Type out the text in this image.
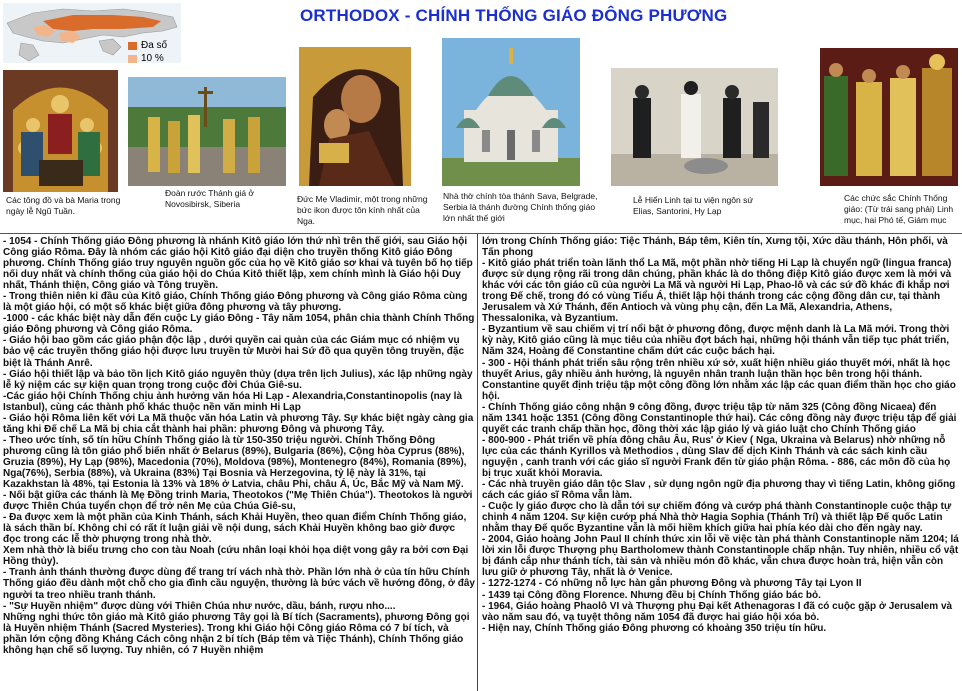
Đa số
10 %
ORTHODOX - CHÍNH THỐNG GIÁO ĐÔNG PHƯƠNG
Các tông đồ và bà Maria trong ngày lễ Ngũ Tuần.
Đoàn rước Thánh giá ở Novosibirsk, Siberia	Đức Mẹ Vladimir, một trong những bức ikon được tôn kính nhất của Nga.
Nhà thờ chính tòa thánh Sava, Belgrade, Serbia là thánh đường Chính thống giáo lớn nhất thế giới
Lễ Hiển Linh tại tu viện ngôn sứ Elias, Santorini, Hy Lạp
Các chức sắc Chính Thống giáo: (Từ trái sang phải) Linh mục, hai Phó tế, Giám mục

- 1054 - Chính Thống giáo Đông phương là nhánh Kitô giáo lớn thứ nhì trên thế giới, sau Giáo hội Công giáo Rôma. Đây là nhóm các giáo hội Kitô giáo đại diện cho truyền thống Kitô giáo Đông phương. Chính Thống giáo truy nguyên nguồn gốc của họ về Kitô giáo sơ khai và tuyên bố họ tiếp nối duy nhất và chính thống của giáo hội do Chúa Kitô thiết lập, xem chính mình là Giáo hội Duy nhất, Thánh thiện, Công giáo và Tông truyền.

- Trong thiên niên kỉ đầu của Kitô giáo, Chính Thống giáo Đông phương và Công giáo Rôma cùng là một giáo hội, có một số khác biệt giữa đông phương và tây phương.

-1000 - các khác biệt này dẫn đến cuộc Ly giáo Đông - Tây năm 1054, phân chia thành Chính Thống giáo Đông phương và Công giáo Rôma.

- Giáo hội bao gồm các giáo phận độc lập , dưới quyền cai quản của các Giám mục có nhiệm vụ bảo vệ các truyền thống giáo hội được lưu truyền từ Mười hai Sứ đồ qua quyền tông truyền, đặc biệt là Thánh Anrê.

- Giáo hội thiết lập và bảo tồn lịch Kitô giáo nguyên thủy (dựa trên lịch Julius), xác lập những ngày lễ kỷ niệm các sự kiện quan trọng trong cuộc đời Chúa Giê-su.

-Các giáo hội Chính Thống chịu ảnh hưởng văn hóa Hi Lạp - Alexandria,Constantinopolis (nay là Istanbul), cùng các thành phố khác thuộc nền văn minh Hi Lạp

- Giáo hội Rôma liên kết với La Mã thuộc văn hóa Latin và phương Tây. Sự khác biệt ngày càng gia tăng khi Đế chế La Mã bị chia cắt thành hai phần: phương Đông và phương Tây.

- Theo ước tính, số tín hữu Chính Thống giáo là từ 150-350 triệu người. Chính Thống Đông phương cũng là tôn giáo phổ biến nhất ở Belarus (89%), Bulgaria (86%), Cộng hòa Cyprus (88%), Gruzia (89%), Hy Lạp (98%), Macedonia (70%), Moldova (98%), Montenegro (84%), Romania (89%), Nga(76%), Serbia (88%), và Ukraina (83%) Tại Bosnia và Herzegovina, tỷ lệ này là 31%, tại Kazakhstan là 48%, tại Estonia là 13% và 18% ở Latvia, châu Phi, châu Á, Úc, Bắc Mỹ và Nam Mỹ.

- Nối bật giữa các thánh là Mẹ Đồng trinh Maria, Theotokos ("Mẹ Thiên Chúa"). Theotokos là người được Thiên Chúa tuyển chọn để trở nên Mẹ của Chúa Giê-su,

- Đa được xem là một phần của Kinh Thánh, sách Khải Huyền, theo quan điểm Chính Thống giáo, là sách thần bí. Không chỉ có rất ít luận giải về nội dung, sách Khải Huyền không bao giờ được đọc trong các lễ thờ phượng trong nhà thờ.

Xem nhà thờ là biểu trưng cho con tàu Noah (cứu nhân loại khỏi họa diệt vong gây ra bởi cơn Đại Hồng thủy).

- Tranh ảnh thánh thường được dùng để trang trí vách nhà thờ. Phần lớn nhà ở của tín hữu Chính Thống giáo đều dành một chỗ cho gia đình cầu nguyện, thường là bức vách về hướng đông, ở đây người ta treo nhiều tranh thánh.

- "Sự Huyền nhiệm" được dùng với Thiên Chúa như nước, dầu, bánh, rượu nho....

Những nghi thức tôn giáo mà Kitô giáo phương Tây gọi là Bí tích (Sacraments), phương Đông gọi là Huyền nhiệm Thánh (Sacred Mysteries). Trong khi Giáo hội Công giáo Rôma có 7 bí tích, và phần lớn cộng đồng Kháng Cách công nhận 2 bí tích (Báp têm và Tiệc Thánh), Chính Thống giáo không hạn chế số lượng. Tuy nhiên, có 7 Huyền nhiệm

lớn trong Chính Thống giáo: Tiệc Thánh, Báp têm, Kiên tín, Xưng tội, Xức dầu thánh, Hôn phối, và Tấn phong

- Kitô giáo phát triển toàn lãnh thổ La Mã, một phần nhờ tiếng Hi Lạp là chuyển ngữ (lingua franca) được sử dụng rộng rãi trong dân chúng, phần khác là do thông điệp Kitô giáo được xem là mới và khác với các tôn giáo cũ của người La Mã và người Hi Lạp, Phao-lô và các sứ đồ khác đi khắp nơi trong Đế chế, trong đó có vùng Tiểu Á, thiết lập hội thánh trong các cộng đồng dân cư, tại thành Jerusalem và Xứ Thánh, đến Antioch và vùng phụ cận, đến La Mã, Alexandria, Athens, Thessalonika, và Byzantium.

- Byzantium về sau chiếm vị trí nổi bật ở phương đông, được mệnh danh là La Mã mới. Trong thời kỳ này, Kitô giáo cũng là mục tiêu của nhiều đợt bách hại, những hội thánh vẫn tiếp tục phát triển, Năm 324, Hoàng đế Constantine chấm dứt các cuộc bách hại.

- 300 - Hội thánh phát triển sâu rộng trên nhiều xứ sở, xuất hiện nhiều giáo thuyết mới, nhất là học thuyết Arius, gây nhiều ảnh hưởng, là nguyên nhân tranh luận thần học bên trong hội thánh. Constantine quyết định triệu tập một công đồng lớn nhằm xác lập các quan điểm thần học cho giáo hội.

- Chính Thống giáo công nhận 9 công đồng, được triệu tập từ năm 325 (Công đồng Nicaea) đến năm 1341 hoặc 1351 (Công đồng Constantinople thứ hai). Các công đồng này được triệu tập để giải quyết các tranh chấp thần học, đồng thời xác lập giáo lý và giáo luật cho Chính Thống giáo

- 800-900 - Phát triển về phía đông châu Âu, Rus' ở Kiev ( Nga, Ukraina và Belarus) nhờ những nỗ lực của các thánh Kyrillos và Methodios , dùng Slav để dịch Kinh Thánh và các sách kinh cầu nguyện , canh tranh với các giáo sĩ người Frank đến từ giáo phận Rôma. - 886, các môn đồ của họ bị trục xuất khỏi Moravia.

- Các nhà truyền giáo dân tộc Slav , sử dụng ngôn ngữ địa phương thay vì tiếng Latin, không giống cách các giáo sĩ Rôma vẫn làm.

- Cuộc ly giáo được cho là dẫn tới sự chiếm đóng và cướp phá thành Constantinople cuộc thập tự chinh 4 năm 1204. Sự kiện cướp phá Nhà thờ Hagia Sophia (Thánh Trí) và thiết lập Đế quốc Latin nhằm thay Đế quốc Byzantine vẫn là mối hiềm khích giữa hai phía kéo dài cho đến ngày nay.

- 2004, Giáo hoàng John Paul II chính thức xin lỗi về việc tàn phá thành Constantinople năm 1204; lá lời xin lỗi được Thượng phụ Bartholomew thành Constantinople chấp nhận. Tuy nhiên, nhiều cổ vật bị đánh cắp như thánh tích, tài sản và nhiều món đồ khác, vẫn chưa được hoàn trả, hiện vẫn còn lưu giữ ở phương Tây, nhất là ở Venice.

- 1272-1274 - Có những nỗ lực hàn gắn phương Đông và phương Tây tại Lyon II

- 1439 tại Công đồng Florence. Nhưng đều bị Chính Thống giáo bác bỏ.

- 1964, Giáo hoàng Phaolô VI và Thượng phụ Đại kết Athenagoras I đã có cuộc gặp ở Jerusalem và vào năm sau đó, vạ tuyệt thông năm 1054 đã được hai giáo hội xóa bỏ.

- Hiện nay, Chính Thống giáo Đông phương có khoảng 350 triệu tín hữu.
